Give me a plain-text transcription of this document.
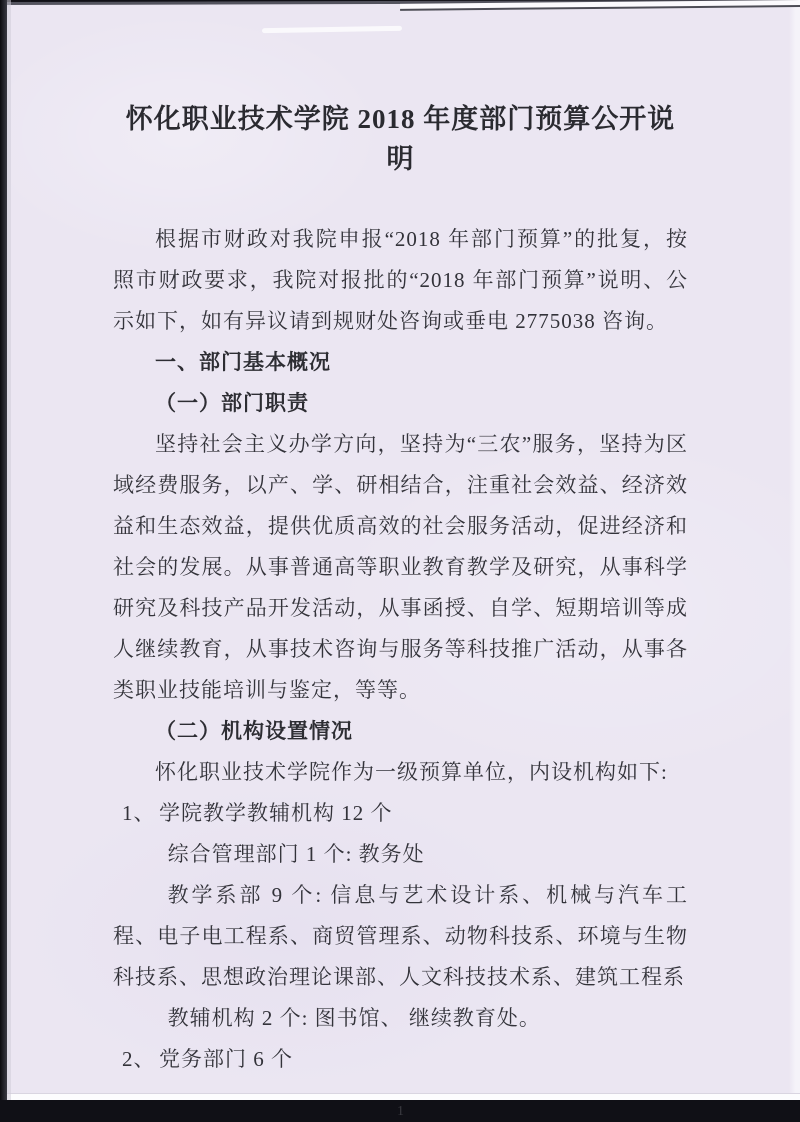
怀化职业技术学院 2018 年度部门预算公开说明

根据市财政对我院申报“2018 年部门预算”的批复，按照市财政要求，我院对报批的“2018 年部门预算”说明、公示如下，如有异议请到规财处咨询或垂电 2775038 咨询。

一、部门基本概况

（一）部门职责

坚持社会主义办学方向，坚持为“三农”服务，坚持为区域经费服务，以产、学、研相结合，注重社会效益、经济效益和生态效益，提供优质高效的社会服务活动，促进经济和社会的发展。从事普通高等职业教育教学及研究，从事科学研究及科技产品开发活动，从事函授、自学、短期培训等成人继续教育，从事技术咨询与服务等科技推广活动，从事各类职业技能培训与鉴定，等等。

（二）机构设置情况

怀化职业技术学院作为一级预算单位，内设机构如下:

1、 学院教学教辅机构 12 个

综合管理部门 1 个: 教务处

教学系部 9 个: 信息与艺术设计系、机械与汽车工程、电子电工程系、商贸管理系、动物科技系、环境与生物科技系、思想政治理论课部、人文科技技术系、建筑工程系

教辅机构 2 个: 图书馆、 继续教育处。

2、 党务部门 6 个

1
